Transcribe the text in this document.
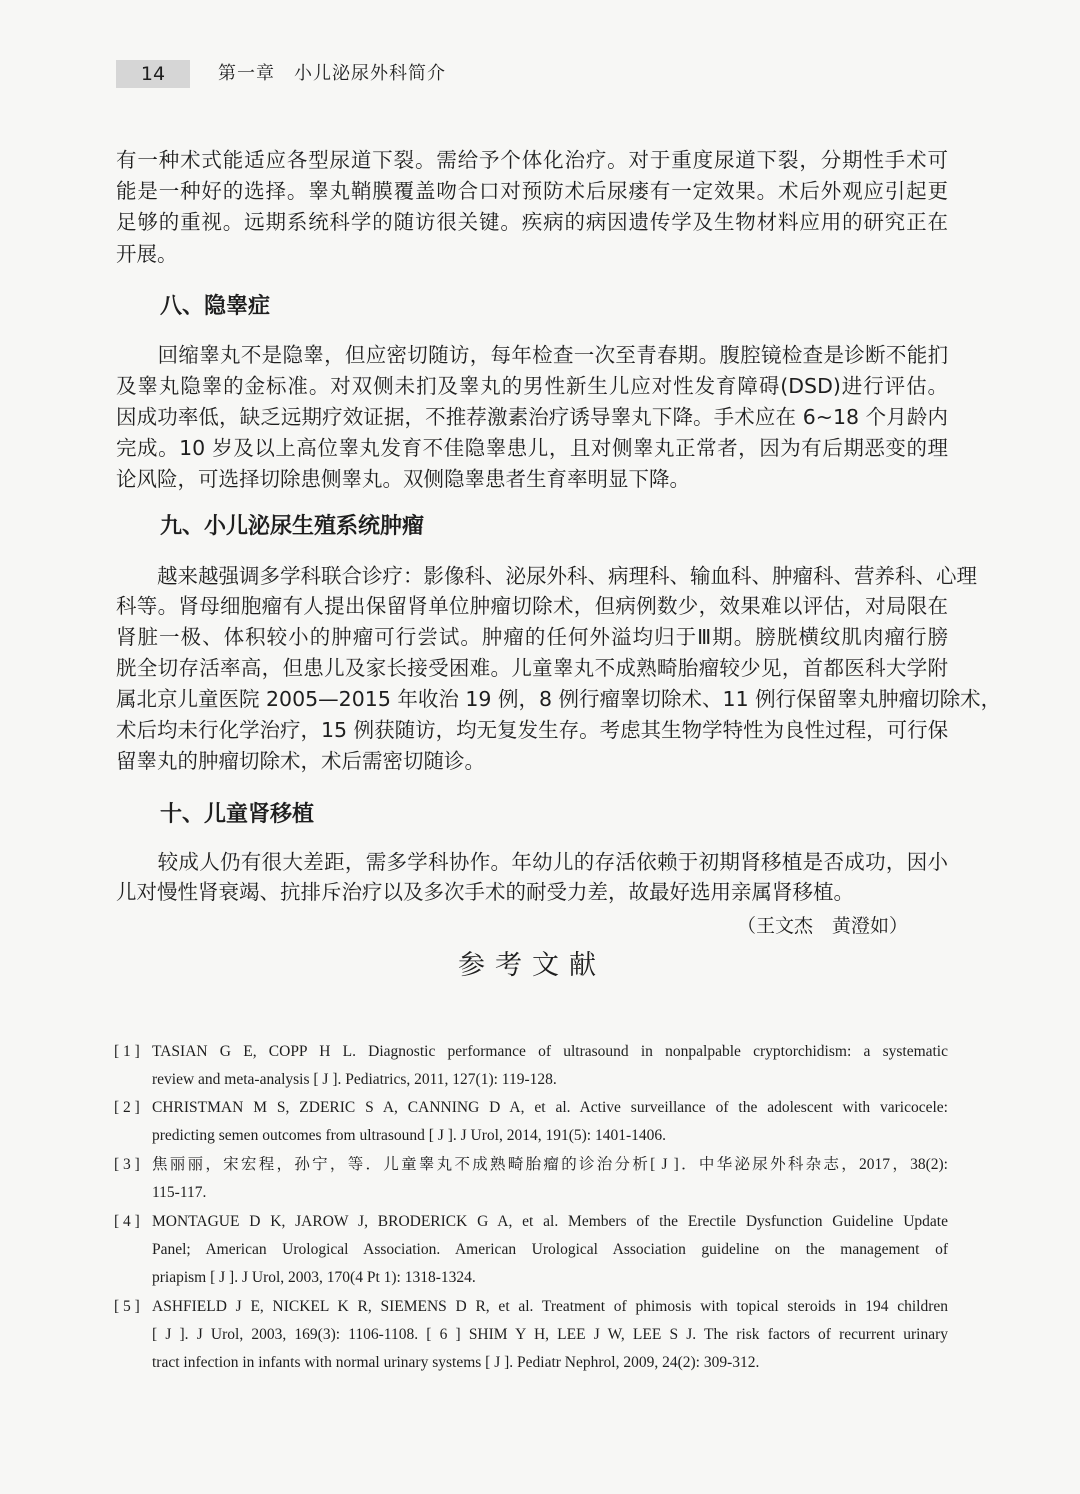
14	第一章　小儿泌尿外科简介
有一种术式能适应各型尿道下裂。需给予个体化治疗。对于重度尿道下裂，分期性手术可
能是一种好的选择。睾丸鞘膜覆盖吻合口对预防术后尿瘘有一定效果。术后外观应引起更
足够的重视。远期系统科学的随访很关键。疾病的病因遗传学及生物材料应用的研究正在
开展。
八、隐睾症
　　回缩睾丸不是隐睾，但应密切随访，每年检查一次至青春期。腹腔镜检查是诊断不能扪
及睾丸隐睾的金标准。对双侧未扪及睾丸的男性新生儿应对性发育障碍(DSD)进行评估。
因成功率低，缺乏远期疗效证据，不推荐激素治疗诱导睾丸下降。手术应在 6~18 个月龄内
完成。10 岁及以上高位睾丸发育不佳隐睾患儿，且对侧睾丸正常者，因为有后期恶变的理
论风险，可选择切除患侧睾丸。双侧隐睾患者生育率明显下降。
九、小儿泌尿生殖系统肿瘤
　　越来越强调多学科联合诊疗：影像科、泌尿外科、病理科、输血科、肿瘤科、营养科、心理
科等。肾母细胞瘤有人提出保留肾单位肿瘤切除术，但病例数少，效果难以评估，对局限在
肾脏一极、体积较小的肿瘤可行尝试。肿瘤的任何外溢均归于Ⅲ期。膀胱横纹肌肉瘤行膀
胱全切存活率高，但患儿及家长接受困难。儿童睾丸不成熟畸胎瘤较少见，首都医科大学附
属北京儿童医院 2005—2015 年收治 19 例，8 例行瘤睾切除术、11 例行保留睾丸肿瘤切除术，
术后均未行化学治疗，15 例获随访，均无复发生存。考虑其生物学特性为良性过程，可行保
留睾丸的肿瘤切除术，术后需密切随诊。
十、儿童肾移植
　　较成人仍有很大差距，需多学科协作。年幼儿的存活依赖于初期肾移植是否成功，因小
儿对慢性肾衰竭、抗排斥治疗以及多次手术的耐受力差，故最好选用亲属肾移植。
（王文杰　黄澄如）
参考文献
[ 1 ] TASIAN G E, COPP H L. Diagnostic performance of ultrasound in nonpalpable cryptorchidism: a systematic
review and meta-analysis [ J ]. Pediatrics, 2011, 127(1): 119-128.
[ 2 ] CHRISTMAN M S, ZDERIC S A, CANNING D A, et al. Active surveillance of the adolescent with varicocele:
predicting semen outcomes from ultrasound [ J ]. J Urol, 2014, 191(5): 1401-1406.
[ 3 ] 焦丽丽，宋宏程，孙宁，等．儿童睾丸不成熟畸胎瘤的诊治分析[ J ]．中华泌尿外科杂志，2017，38(2):
115-117.
[ 4 ] MONTAGUE D K, JAROW J, BRODERICK G A, et al. Members of the Erectile Dysfunction Guideline Update
Panel; American Urological Association. American Urological Association guideline on the management of
priapism [ J ]. J Urol, 2003, 170(4 Pt 1): 1318-1324.
[ 5 ] ASHFIELD J E, NICKEL K R, SIEMENS D R, et al. Treatment of phimosis with topical steroids in 194 children
[ J ]. J Urol, 2003, 169(3): 1106-1108. [ 6 ] SHIM Y H, LEE J W, LEE S J. The risk factors of recurrent urinary
tract infection in infants with normal urinary systems [ J ]. Pediatr Nephrol, 2009, 24(2): 309-312.
